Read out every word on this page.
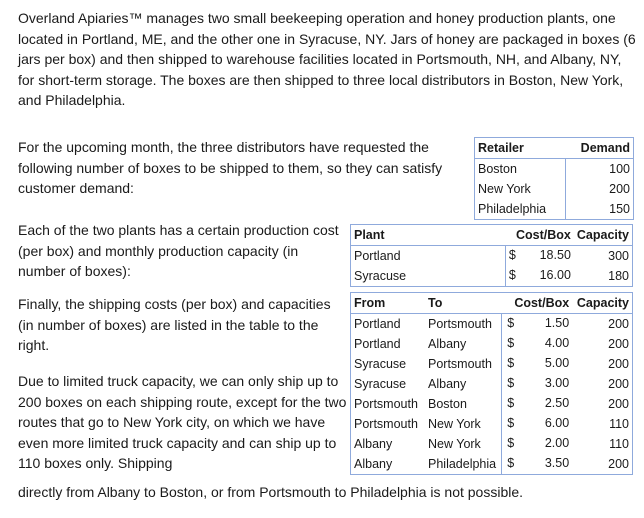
Overland Apiaries™ manages two small beekeeping operation and honey production plants, one located in Portland, ME, and the other one in Syracuse, NY. Jars of honey are packaged in boxes (6 jars per box) and then shipped to warehouse facilities located in Portsmouth, NH, and Albany, NY, for short-term storage. The boxes are then shipped to three local distributors in Boston, New York, and Philadelphia.

For the upcoming month, the three distributors have requested the following number of boxes to be shipped to them, so they can satisfy customer demand:

Each of the two plants has a certain production cost (per box) and monthly production capacity (in number of boxes):

Finally, the shipping costs (per box) and capacities (in number of boxes) are listed in the table to the right.

Due to limited truck capacity, we can only ship up to 200 boxes on each shipping route, except for the two routes that go to New York city, on which we have even more limited truck capacity and can ship up to 110 boxes only. Shipping

directly from Albany to Boston, or from Portsmouth to Philadelphia is not possible.

Retailer	Demand
Boston	100
New York	200
Philadelphia	150
Plant	Cost/Box	Capacity
Portland	$ 18.50	300
Syracuse	$ 16.00	180
From	To	Cost/Box	Capacity
Portland	Portsmouth	$ 1.50	200
Portland	Albany	$ 4.00	200
Syracuse	Portsmouth	$ 5.00	200
Syracuse	Albany	$ 3.00	200
Portsmouth	Boston	$ 2.50	200
Portsmouth	New York	$ 6.00	110
Albany	New York	$ 2.00	110
Albany	Philadelphia	$ 3.50	200
